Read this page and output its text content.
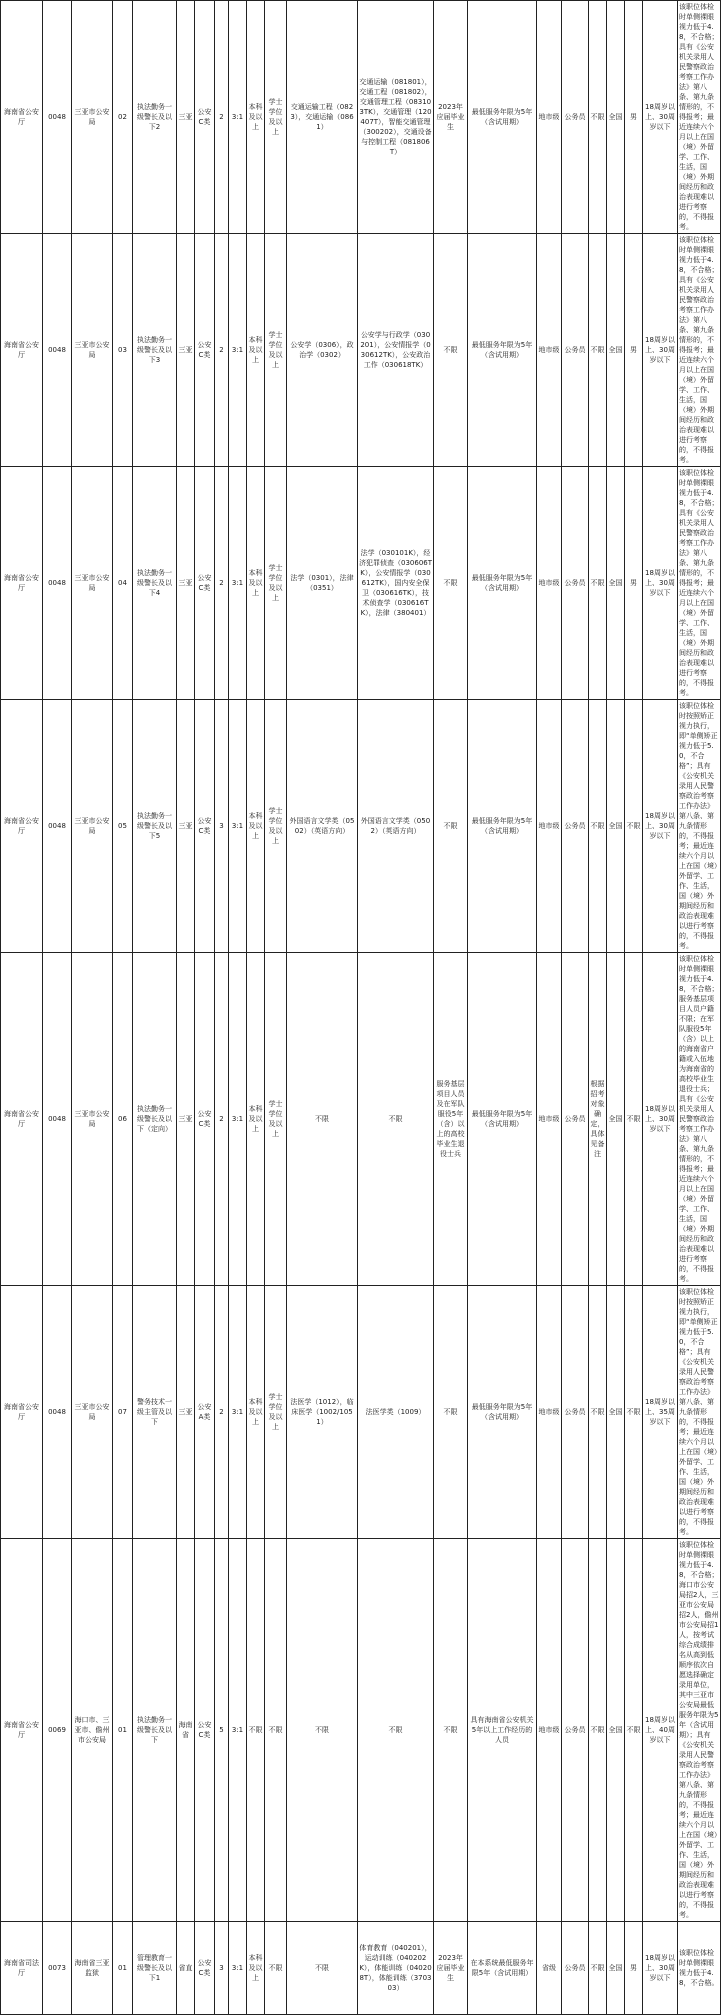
海南省公安厅	0048	三亚市公安局	02	执法勤务一级警长及以下2	三亚	公安C类	2	3:1	本科及以上	学士学位及以上	交通运输工程（0823），交通运输（0861）	交通运输（081801），交通工程（081802），交通管理工程（083103TK），交通管理（120407T），智能交通管理（300202），交通设备与控制工程（081806T）	2023年应届毕业生	最低服务年限为5年（含试用期）	地市级	公务员	不限	全国	男	18周岁以上、30周岁以下	该职位体检时单侧裸眼视力低于4.8，不合格；具有《公安机关录用人民警察政治考察工作办法》第八条、第九条情形的，不得报考；最近连续六个月以上在国（境）外留学、工作、生活，国（境）外期间经历和政治表现难以进行考察的，不得报考。
海南省公安厅	0048	三亚市公安局	03	执法勤务一级警长及以下3	三亚	公安C类	2	3:1	本科及以上	学士学位及以上	公安学（0306），政治学（0302）	公安学与行政学（030201），公安情报学（030612TK），公安政治工作（030618TK）	不限	最低服务年限为5年（含试用期）	地市级	公务员	不限	全国	男	18周岁以上、30周岁以下	该职位体检时单侧裸眼视力低于4.8，不合格；具有《公安机关录用人民警察政治考察工作办法》第八条、第九条情形的，不得报考；最近连续六个月以上在国（境）外留学、工作、生活，国（境）外期间经历和政治表现难以进行考察的，不得报考。
海南省公安厅	0048	三亚市公安局	04	执法勤务一级警长及以下4	三亚	公安C类	2	3:1	本科及以上	学士学位及以上	法学（0301），法律（0351）	法学（030101K），经济犯罪侦查（030606TK），公安情报学（030612TK），国内安全保卫（030616TK），技术侦查学（030616TK），法律（380401）	不限	最低服务年限为5年（含试用期）	地市级	公务员	不限	全国	男	18周岁以上、30周岁以下	该职位体检时单侧裸眼视力低于4.8，不合格；具有《公安机关录用人民警察政治考察工作办法》第八条、第九条情形的，不得报考；最近连续六个月以上在国（境）外留学、工作、生活，国（境）外期间经历和政治表现难以进行考察的，不得报考。
海南省公安厅	0048	三亚市公安局	05	执法勤务一级警长及以下5	三亚	公安C类	3	3:1	本科及以上	学士学位及以上	外国语言文学类（0502）（英语方向）	外国语言文学类（0502）（英语方向）	不限	最低服务年限为5年（含试用期）	地市级	公务员	不限	全国	不限	18周岁以上、30周岁以下	该职位体检时按照矫正视力执行，即“单侧矫正视力低于5.0，不合格”；具有《公安机关录用人民警察政治考察工作办法》第八条、第九条情形的，不得报考；最近连续六个月以上在国（境）外留学、工作、生活，国（境）外期间经历和政治表现难以进行考察的，不得报考。
海南省公安厅	0048	三亚市公安局	06	执法勤务一级警长及以下（定向）	三亚	公安C类	2	3:1	本科及以上	学士学位及以上	不限	不限	服务基层项目人员及在军队服役5年（含）以上的高校毕业生退役士兵	最低服务年限为5年（含试用期）	地市级	公务员	根据招考对象确定，具体见备注	全国	不限	18周岁以上、30周岁以下	该职位体检时单侧裸眼视力低于4.8，不合格；服务基层项目人员户籍不限；在军队服役5年（含）以上的海南省户籍或入伍地为海南省的高校毕业生退役士兵；具有《公安机关录用人民警察政治考察工作办法》第八条、第九条情形的，不得报考；最近连续六个月以上在国（境）外留学、工作、生活，国（境）外期间经历和政治表现难以进行考察的，不得报考。
海南省公安厅	0048	三亚市公安局	07	警务技术一级主管及以下	三亚	公安A类	2	3:1	本科及以上	学士学位及以上	法医学（1012），临床医学（1002/1051）	法医学类（1009）	不限	最低服务年限为5年（含试用期）	地市级	公务员	不限	全国	不限	18周岁以上、35周岁以下	该职位体检时按照矫正视力执行，即“单侧矫正视力低于5.0，不合格”；具有《公安机关录用人民警察政治考察工作办法》第八条、第九条情形的，不得报考；最近连续六个月以上在国（境）外留学、工作、生活，国（境）外期间经历和政治表现难以进行考察的，不得报考。
海南省公安厅	0069	海口市、三亚市、儋州市公安局	01	执法勤务一级警长及以下	海南省	公安C类	5	3:1	不限	不限	不限	不限	不限	具有海南省公安机关5年以上工作经历的人员	地市级	公务员	不限	全国	不限	18周岁以上、40周岁以下	该职位体检时单侧裸眼视力低于4.8，不合格；海口市公安局招2人，三亚市公安局招2人，儋州市公安局招1人，按考试综合成绩排名从高到低顺序依次自愿选择确定录用单位，其中三亚市公安局最低服务年限为5年（含试用期）；具有《公安机关录用人民警察政治考察工作办法》第八条、第九条情形的，不得报考；最近连续六个月以上在国（境）外留学、工作、生活，国（境）外期间经历和政治表现难以进行考察的，不得报考。
海南省司法厅	0073	海南省三亚监狱	01	管理教育一级警长及以下1	省直	公安C类	3	3:1	本科及以上	不限	不限	体育教育（040201），运动训练（040202K），体能训练（040208T），体能训练（370303）	2023年应届毕业生	在本系统最低服务年限5年（含试用期）	省级	公务员	不限	全国	男	18周岁以上、30周岁以下	该职位体检时单侧裸眼视力低于4.8，不合格。
